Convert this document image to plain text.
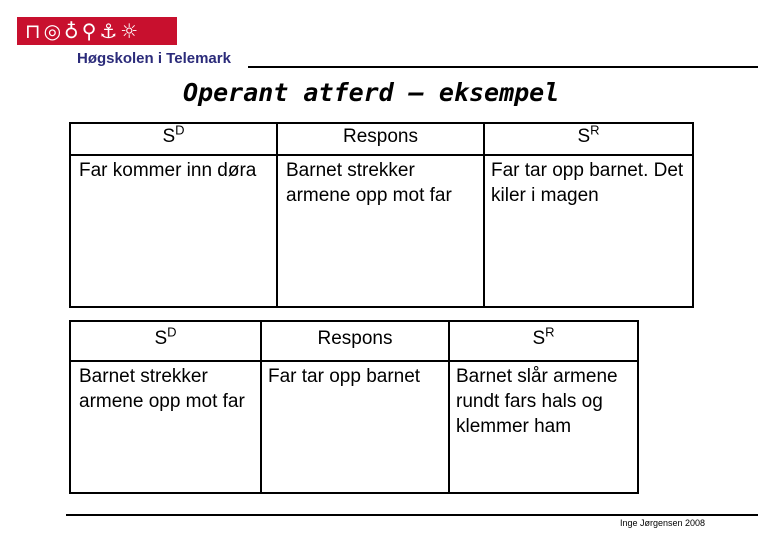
⊓◎♁⚲⚓☼
Høgskolen i Telemark
Operant atferd – eksempel
$S^D$	Respons	$S^R$
Far kommer inn døra	Barnet strekker armene opp mot far	Far tar opp barnet. Det kiler i magen
$S^D$	Respons	$S^R$
Barnet strekker armene opp mot far	Far tar opp barnet	Barnet slår armene rundt fars hals og klemmer ham
Inge Jørgensen 2008
